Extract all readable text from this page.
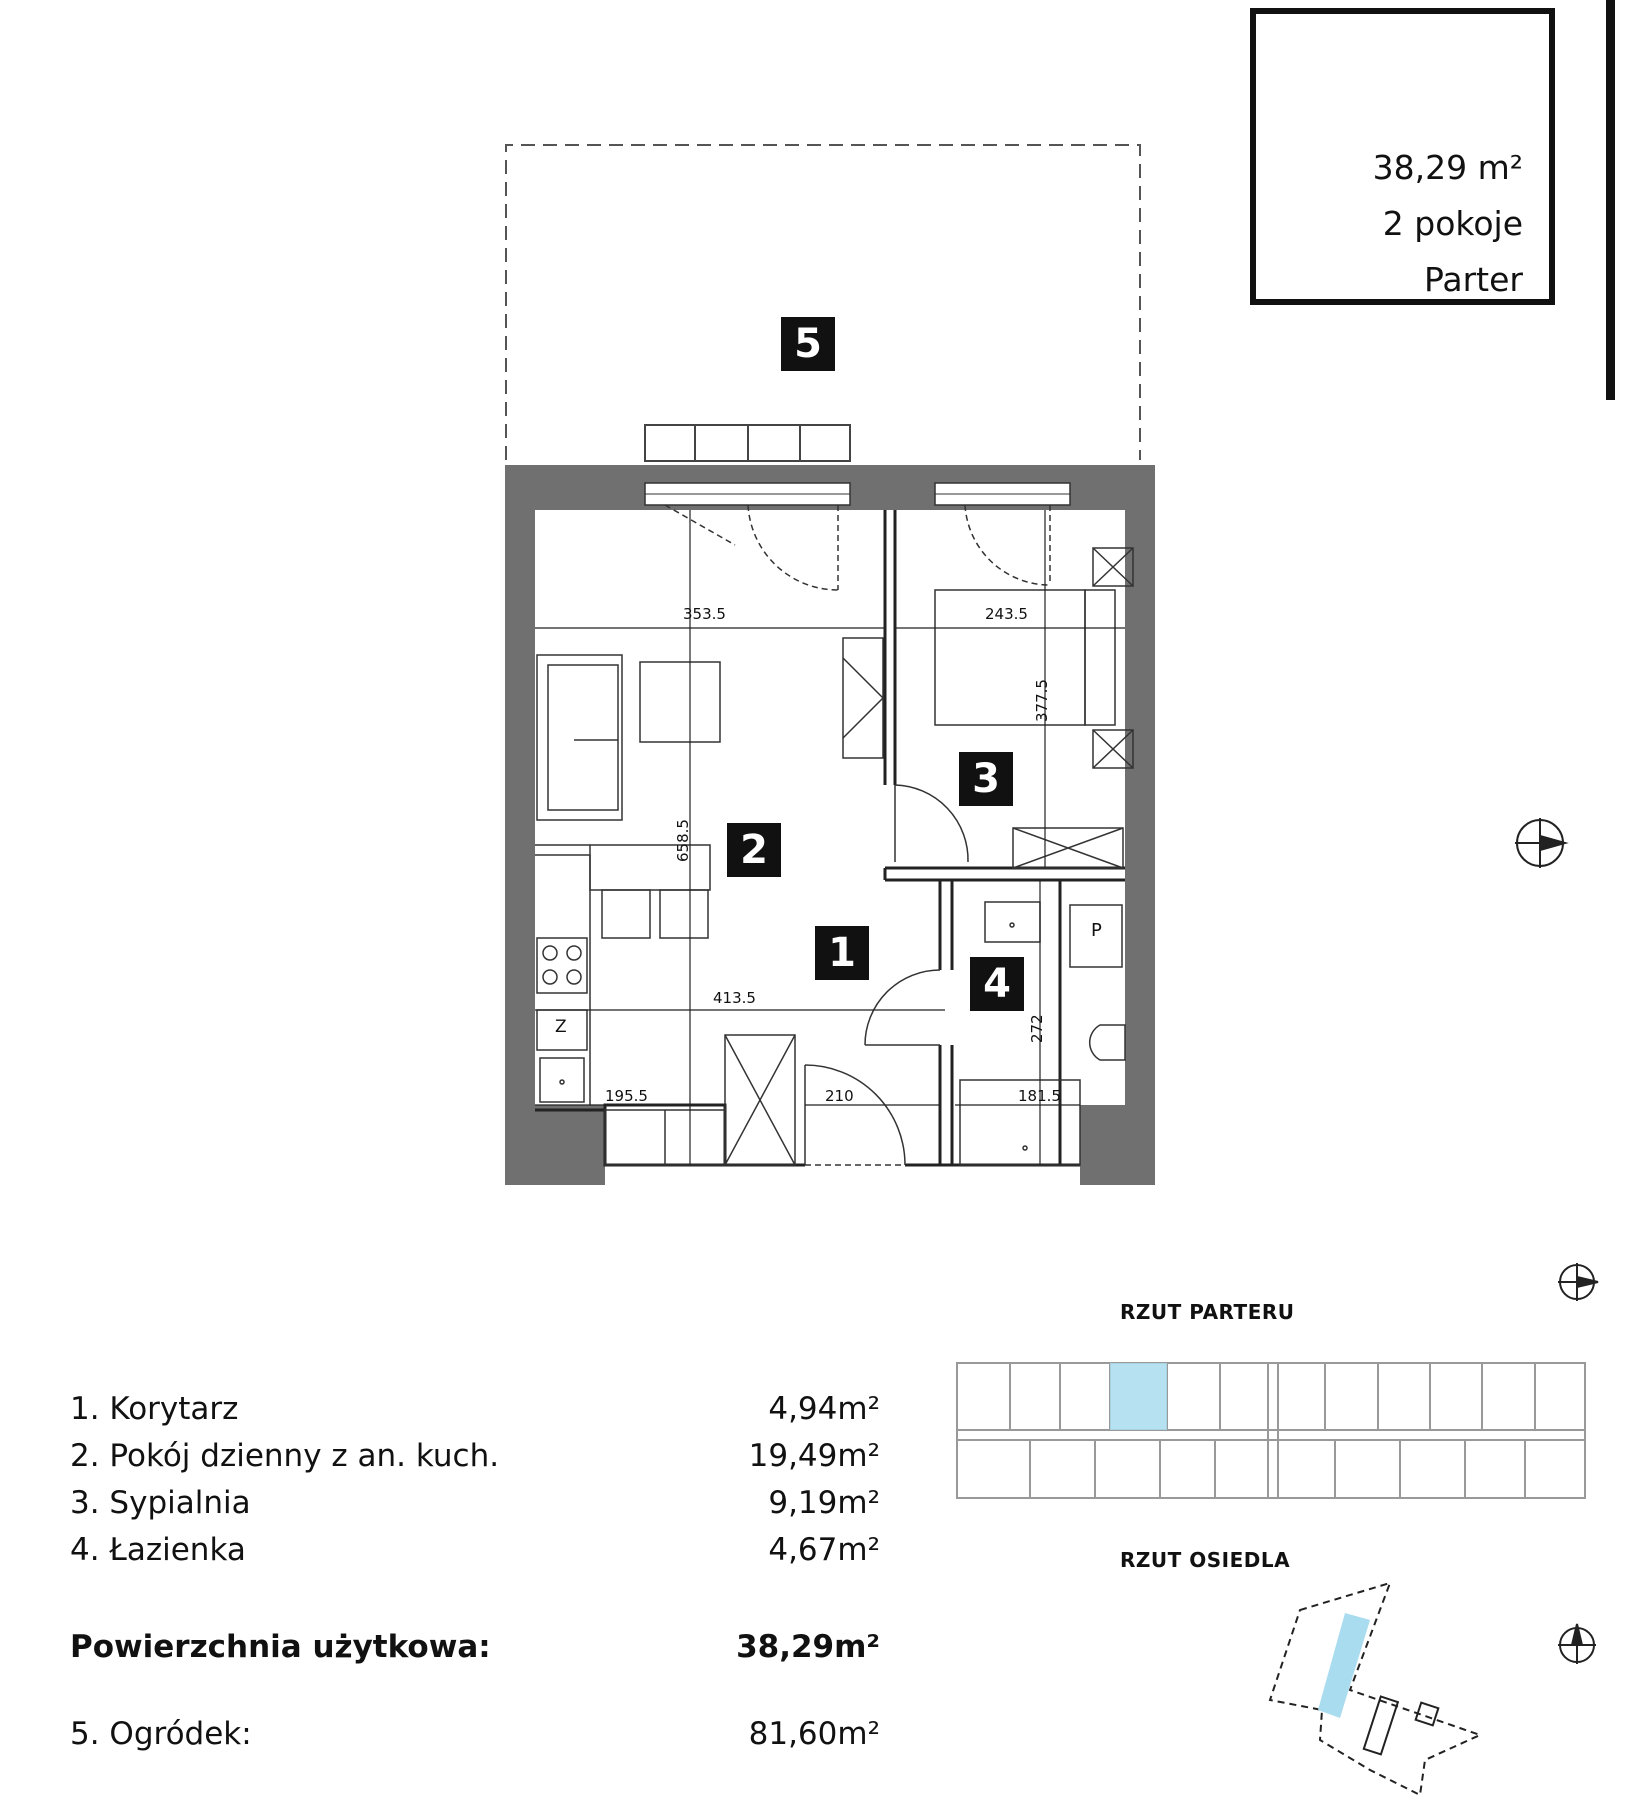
38,29 m²
2 pokoje
Parter
5
3
2
1
4
353.5	243.5
377.5
658.5
413.5
272
195.5	210	181.5
Z
P
1. Korytarz	4,94m²
2. Pokój dzienny z an. kuch.	19,49m²
3. Sypialnia	9,19m²
4. Łazienka	4,67m²
Powierzchnia użytkowa:	38,29m²
5. Ogródek:	81,60m²
RZUT PARTERU
RZUT OSIEDLA
